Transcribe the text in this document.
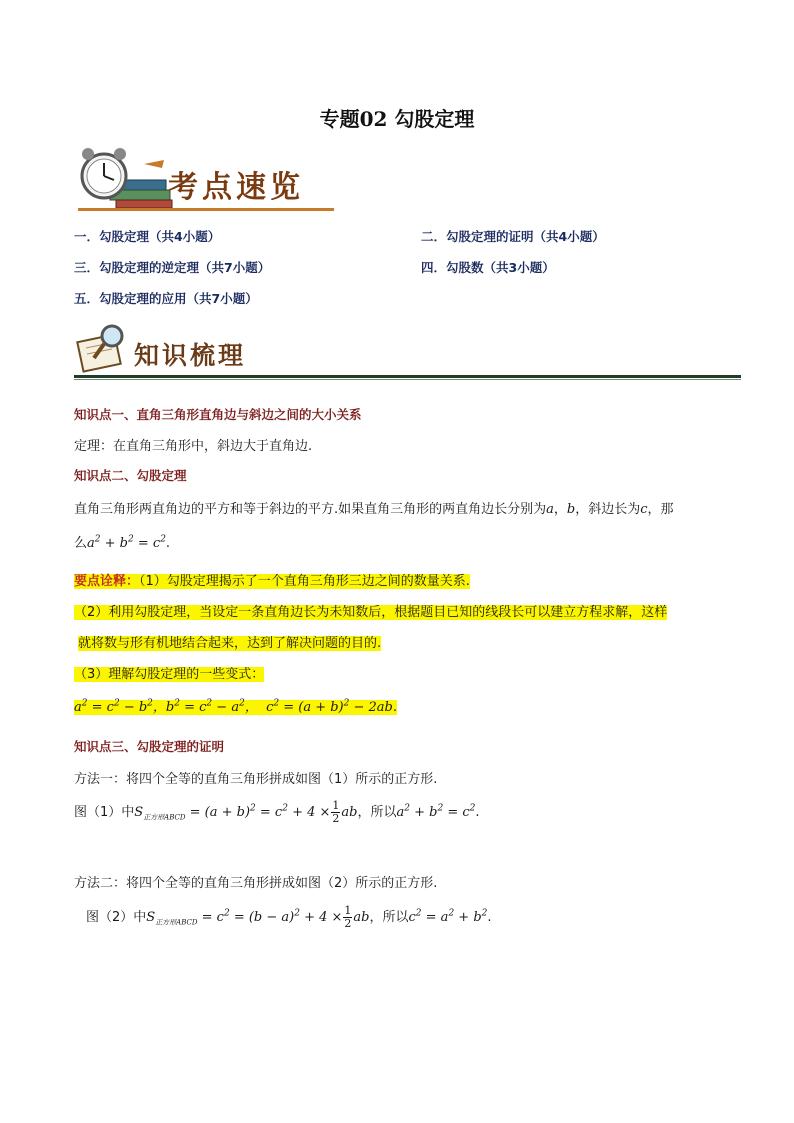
专题02 勾股定理
考点速览
一．勾股定理（共4小题）	二．勾股定理的证明（共4小题）
三．勾股定理的逆定理（共7小题）	四．勾股数（共3小题）
五．勾股定理的应用（共7小题）
知识梳理
知识点一、直角三角形直角边与斜边之间的大小关系
定理：在直角三角形中，斜边大于直角边.
知识点二、勾股定理
直角三角形两直角边的平方和等于斜边的平方.如果直角三角形的两直角边长分别为a，b，斜边长为c，那
么$a^2 + b^2 = c^2$.
要点诠释：（1）勾股定理揭示了一个直角三角形三边之间的数量关系.
（2）利用勾股定理，当设定一条直角边长为未知数后，根据题目已知的线段长可以建立方程求解，这样
就将数与形有机地结合起来，达到了解决问题的目的.
（3）理解勾股定理的一些变式：
$a^2 = c^2 - b^2$，$b^2 = c^2 - a^2$，  $c^2 = (a + b)^2 - 2ab$.
知识点三、勾股定理的证明
方法一：将四个全等的直角三角形拼成如图（1）所示的正方形.
图（1）中$S_{正方形ABCD} = (a + b)^2 = c^2 + 4 \times \frac{1}{2}$ ab，所以$a^2 + b^2 = c^2$.
方法二：将四个全等的直角三角形拼成如图（2）所示的正方形.
图（2）中$S_{正方形ABCD} = c^2 = (b - a)^2 + 4 \times \frac{1}{2}$ ab，所以$c^2 = a^2 + b^2$.
